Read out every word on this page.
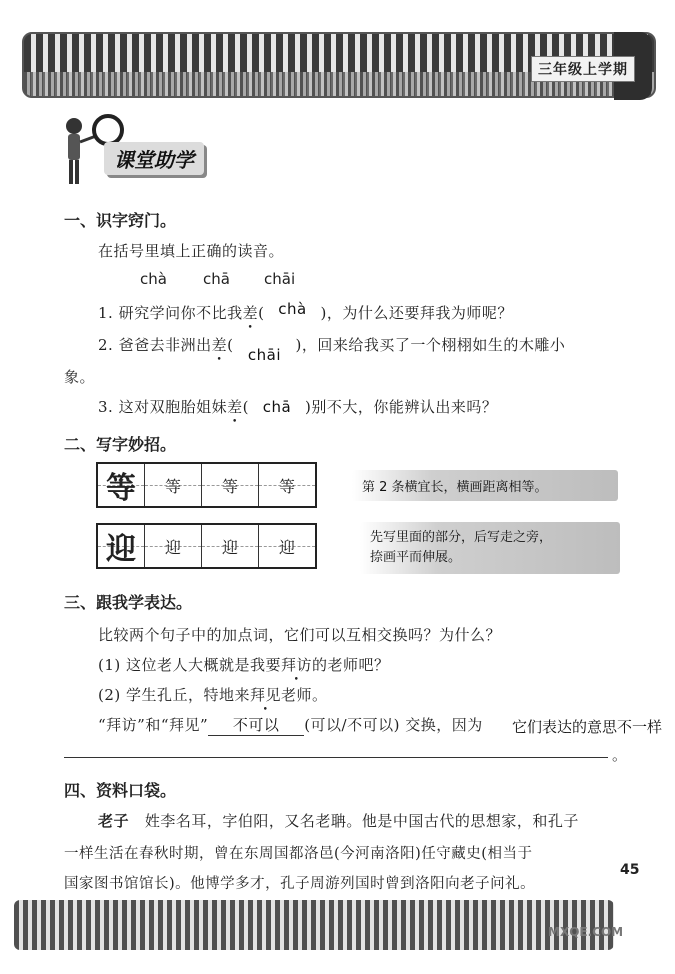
三年级上学期
课堂助学
一、识字窍门。
在括号里填上正确的读音。
chà chā chāi
1. 研究学问你不比我差( chà )，为什么还要拜我为师呢？
2. 爸爸去非洲出差(chāi)，回来给我买了一个栩栩如生的木雕小
象。
3. 这对双胞胎姐妹差( chā )别不大，你能辨认出来吗？
二、写字妙招。
等 等	等	等
迎 迎	迎	迎
第 2 条横宜长，横画距离相等。
先写里面的部分，后写走之旁，
捺画平而伸展。
三、跟我学表达。
比较两个句子中的加点词，它们可以互相交换吗？为什么？
(1) 这位老人大概就是我要拜访的老师吧？
(2) 学生孔丘，特地来拜见老师。
“拜访”和“拜见” 不可以 (可以/不可以) 交换，因为 它们表达的意思不一样
。
四、资料口袋。
老子 姓李名耳，字伯阳，又名老聃。他是中国古代的思想家，和孔子
一样生活在春秋时期，曾在东周国都洛邑(今河南洛阳)任守藏史(相当于
国家图书馆馆长)。他博学多才，孔子周游列国时曾到洛阳向老子问礼。
45
MXQE.COM
